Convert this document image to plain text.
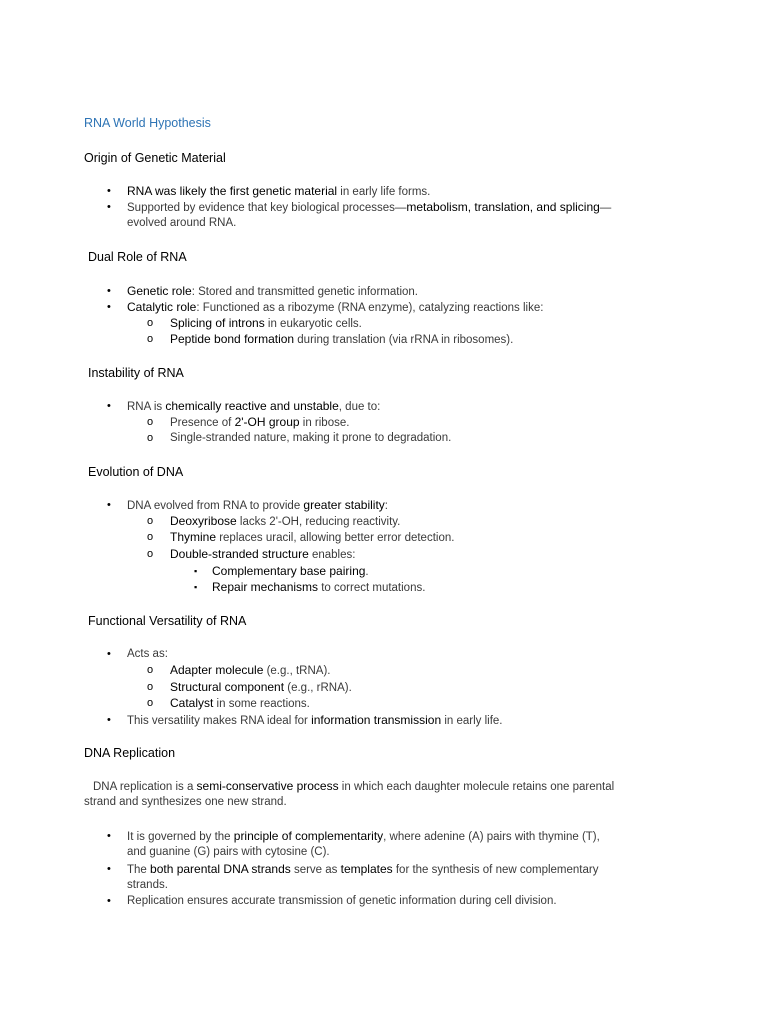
RNA World Hypothesis
Origin of Genetic Material
• RNA was likely the first genetic material in early life forms.
• Supported by evidence that key biological processes—metabolism, translation, and splicing—
evolved around RNA.
Dual Role of RNA
• Genetic role: Stored and transmitted genetic information.
• Catalytic role: Functioned as a ribozyme (RNA enzyme), catalyzing reactions like:
o Splicing of introns in eukaryotic cells.
o Peptide bond formation during translation (via rRNA in ribosomes).
Instability of RNA
• RNA is chemically reactive and unstable, due to:
o Presence of 2'-OH group in ribose.
o Single-stranded nature, making it prone to degradation.
Evolution of DNA
• DNA evolved from RNA to provide greater stability:
o Deoxyribose lacks 2'-OH, reducing reactivity.
o Thymine replaces uracil, allowing better error detection.
o Double-stranded structure enables:
▪ Complementary base pairing.
▪ Repair mechanisms to correct mutations.
Functional Versatility of RNA
• Acts as:
o Adapter molecule (e.g., tRNA).
o Structural component (e.g., rRNA).
o Catalyst in some reactions.
• This versatility makes RNA ideal for information transmission in early life.
DNA Replication
DNA replication is a semi-conservative process in which each daughter molecule retains one parental
strand and synthesizes one new strand.
• It is governed by the principle of complementarity, where adenine (A) pairs with thymine (T),
and guanine (G) pairs with cytosine (C).
• The both parental DNA strands serve as templates for the synthesis of new complementary
strands.
• Replication ensures accurate transmission of genetic information during cell division.
